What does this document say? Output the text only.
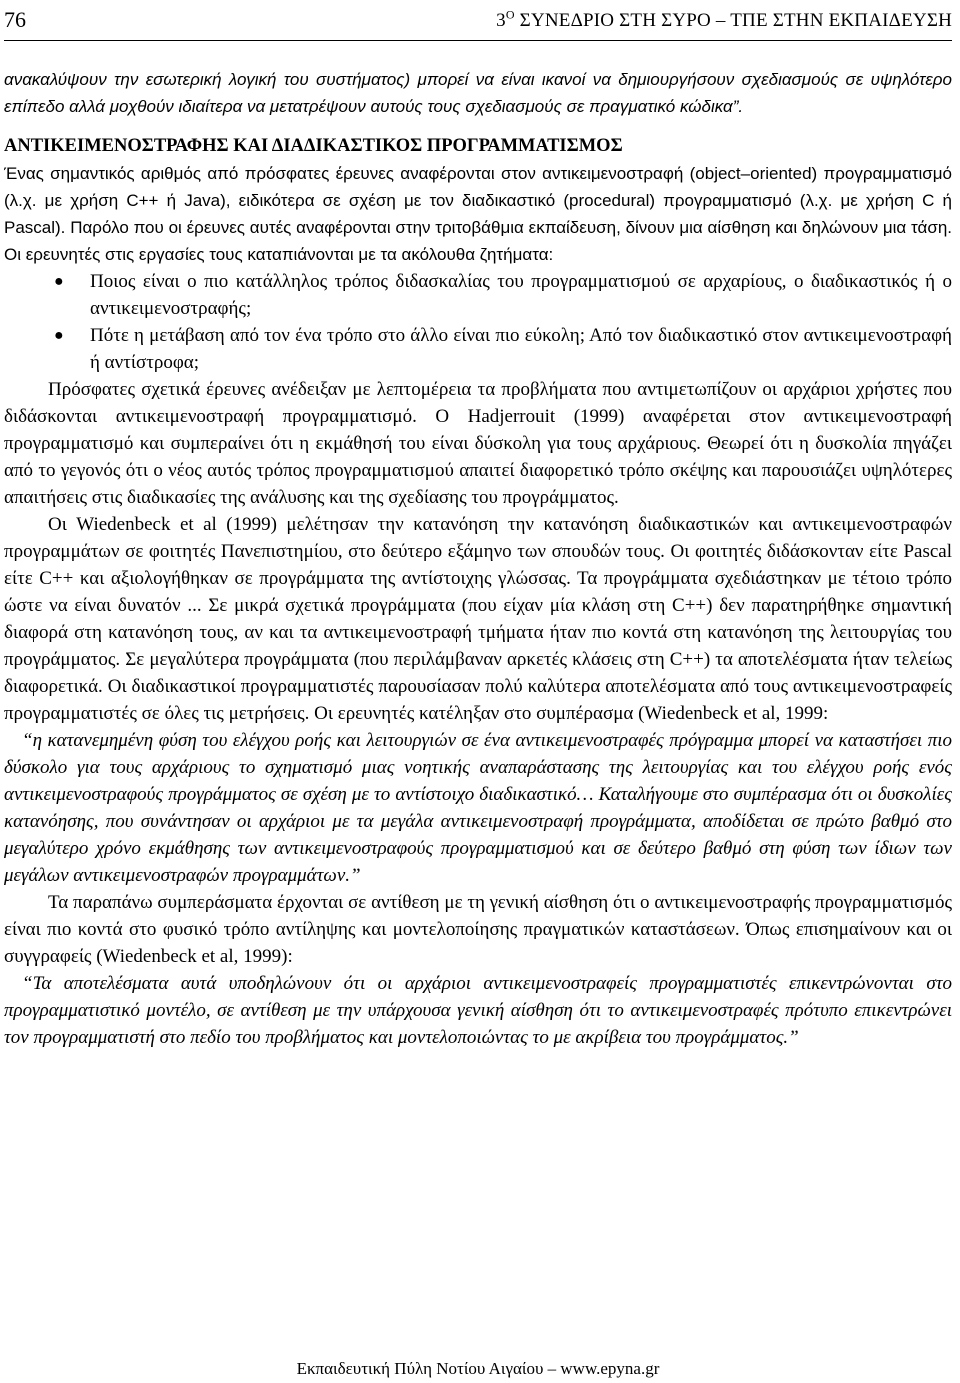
76	$3^O$ ΣΥΝΕΔΡΙΟ ΣΤΗ ΣΥΡΟ – ΤΠΕ ΣΤΗΝ ΕΚΠΑΙΔΕΥΣΗ

ανακαλύψουν την εσωτερική λογική του συστήματος) μπορεί να είναι ικανοί να δημιουργήσουν σχεδιασμούς σε υψηλότερο επίπεδο αλλά μοχθούν ιδιαίτερα να μετατρέψουν αυτούς τους σχεδιασμούς σε πραγματικό κώδικα”.

ΑΝΤΙΚΕΙΜΕΝΟΣΤΡΑΦΗΣ ΚΑΙ ΔΙΑΔΙΚΑΣΤΙΚΟΣ ΠΡΟΓΡΑΜΜΑΤΙΣΜΟΣ

Ένας σημαντικός αριθμός από πρόσφατες έρευνες αναφέρονται στον αντικειμενοστραφή (object–oriented) προγραμματισμό (λ.χ. με χρήση C++ ή Java), ειδικότερα σε σχέση με τον διαδικαστικό (procedural) προγραμματισμό (λ.χ. με χρήση C ή Pascal). Παρόλο που οι έρευνες αυτές αναφέρονται στην τριτοβάθμια εκπαίδευση, δίνουν μια αίσθηση και δηλώνουν μια τάση. Οι ερευνητές στις εργασίες τους καταπιάνονται με τα ακόλουθα ζητήματα:

● Ποιος είναι ο πιο κατάλληλος τρόπος διδασκαλίας του προγραμματισμού σε αρχαρίους, ο διαδικαστικός ή ο αντικειμενοστραφής;
● Πότε η μετάβαση από τον ένα τρόπο στο άλλο είναι πιο εύκολη; Από τον διαδικαστικό στον αντικειμενοστραφή ή αντίστροφα;

Πρόσφατες σχετικά έρευνες ανέδειξαν με λεπτομέρεια τα προβλήματα που αντιμετωπίζουν οι αρχάριοι χρήστες που διδάσκονται αντικειμενοστραφή προγραμματισμό. Ο Hadjerrouit (1999) αναφέρεται στον αντικειμενοστραφή προγραμματισμό και συμπεραίνει ότι η εκμάθησή του είναι δύσκολη για τους αρχάριους. Θεωρεί ότι η δυσκολία πηγάζει από το γεγονός ότι ο νέος αυτός τρόπος προγραμματισμού απαιτεί διαφορετικό τρόπο σκέψης και παρουσιάζει υψηλότερες απαιτήσεις στις διαδικασίες της ανάλυσης και της σχεδίασης του προγράμματος.

Οι Wiedenbeck et al (1999) μελέτησαν την κατανόηση την κατανόηση διαδικαστικών και αντικειμενοστραφών προγραμμάτων σε φοιτητές Πανεπιστημίου, στο δεύτερο εξάμηνο των σπουδών τους. Οι φοιτητές διδάσκονταν είτε Pascal είτε C++ και αξιολογήθηκαν σε προγράμματα της αντίστοιχης γλώσσας. Τα προγράμματα σχεδιάστηκαν με τέτοιο τρόπο ώστε να είναι δυνατόν ... Σε μικρά σχετικά προγράμματα (που είχαν μία κλάση στη C++) δεν παρατηρήθηκε σημαντική διαφορά στη κατανόηση τους, αν και τα αντικειμενοστραφή τμήματα ήταν πιο κοντά στη κατανόηση της λειτουργίας του προγράμματος. Σε μεγαλύτερα προγράμματα (που περιλάμβαναν αρκετές κλάσεις στη C++) τα αποτελέσματα ήταν τελείως διαφορετικά. Οι διαδικαστικοί προγραμματιστές παρουσίασαν πολύ καλύτερα αποτελέσματα από τους αντικειμενοστραφείς προγραμματιστές σε όλες τις μετρήσεις. Οι ερευνητές κατέληξαν στο συμπέρασμα (Wiedenbeck et al, 1999:

“η κατανεμημένη φύση του ελέγχου ροής και λειτουργιών σε ένα αντικειμενοστραφές πρόγραμμα μπορεί να καταστήσει πιο δύσκολο για τους αρχάριους το σχηματισμό μιας νοητικής αναπαράστασης της λειτουργίας και του ελέγχου ροής ενός αντικειμενοστραφούς προγράμματος σε σχέση με το αντίστοιχο διαδικαστικό… Καταλήγουμε στο συμπέρασμα ότι οι δυσκολίες κατανόησης, που συνάντησαν οι αρχάριοι με τα μεγάλα αντικειμενοστραφή προγράμματα, αποδίδεται σε πρώτο βαθμό στο μεγαλύτερο χρόνο εκμάθησης των αντικειμενοστραφούς προγραμματισμού και σε δεύτερο βαθμό στη φύση των ίδιων των μεγάλων αντικειμενοστραφών προγραμμάτων.”

Τα παραπάνω συμπεράσματα έρχονται σε αντίθεση με τη γενική αίσθηση ότι ο αντικειμενοστραφής προγραμματισμός είναι πιο κοντά στο φυσικό τρόπο αντίληψης και μοντελοποίησης πραγματικών καταστάσεων. Όπως επισημαίνουν και οι συγγραφείς (Wiedenbeck et al, 1999):

“Τα αποτελέσματα αυτά υποδηλώνουν ότι οι αρχάριοι αντικειμενοστραφείς προγραμματιστές επικεντρώνονται στο προγραμματιστικό μοντέλο, σε αντίθεση με την υπάρχουσα γενική αίσθηση ότι το αντικειμενοστραφές πρότυπο επικεντρώνει τον προγραμματιστή στο πεδίο του προβλήματος και μοντελοποιώντας το με ακρίβεια του προγράμματος.”

Εκπαιδευτική Πύλη Νοτίου Αιγαίου – www.epyna.gr
